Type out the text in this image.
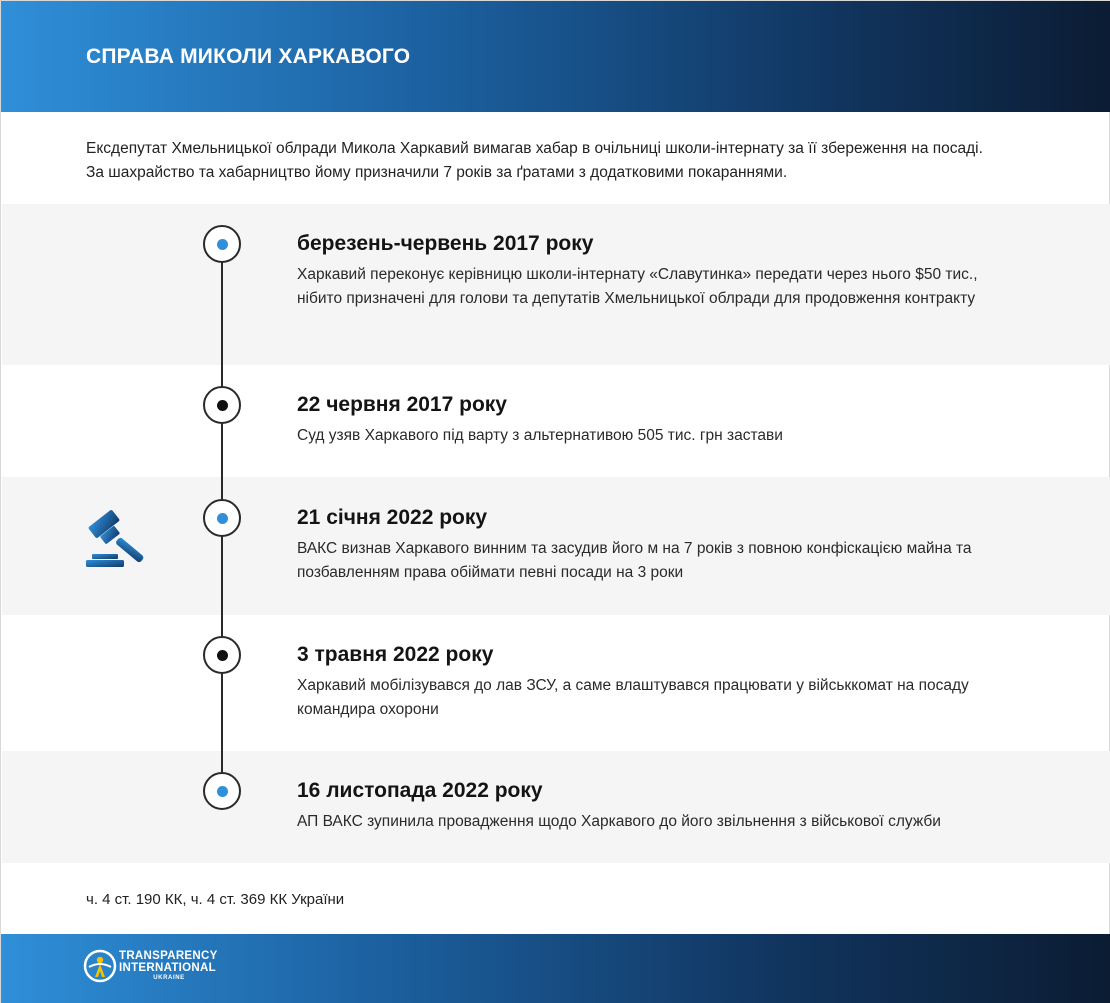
СПРАВА МИКОЛИ ХАРКАВОГО
Ексдепутат Хмельницької облради Микола Харкавий вимагав хабар в очільниці школи-інтернату за її збереження на посаді. За шахрайство та хабарництво йому призначили 7 років за ґратами з додатковими покараннями.
березень-червень 2017 року
Харкавий переконує керівницю школи-інтернату «Славутинка» передати через нього $50 тис., нібито призначені для голови та депутатів Хмельницької облради для продовження контракту
22 червня 2017 року
Суд узяв Харкавого під варту з альтернативою 505 тис. грн застави
21 січня 2022 року
ВАКС визнав Харкавого винним та засудив його м на 7 років з повною конфіскацією майна та позбавленням права обіймати певні посади на 3 роки
3 травня 2022 року
Харкавий мобілізувався до лав ЗСУ, а саме влаштувався працювати у військкомат на посаду командира охорони
16 листопада 2022 року
АП ВАКС зупинила провадження щодо Харкавого до його звільнення з військової служби
ч. 4 ст. 190 КК, ч. 4 ст. 369 КК України
TRANSPARENCY
INTERNATIONAL
UKRAINE
